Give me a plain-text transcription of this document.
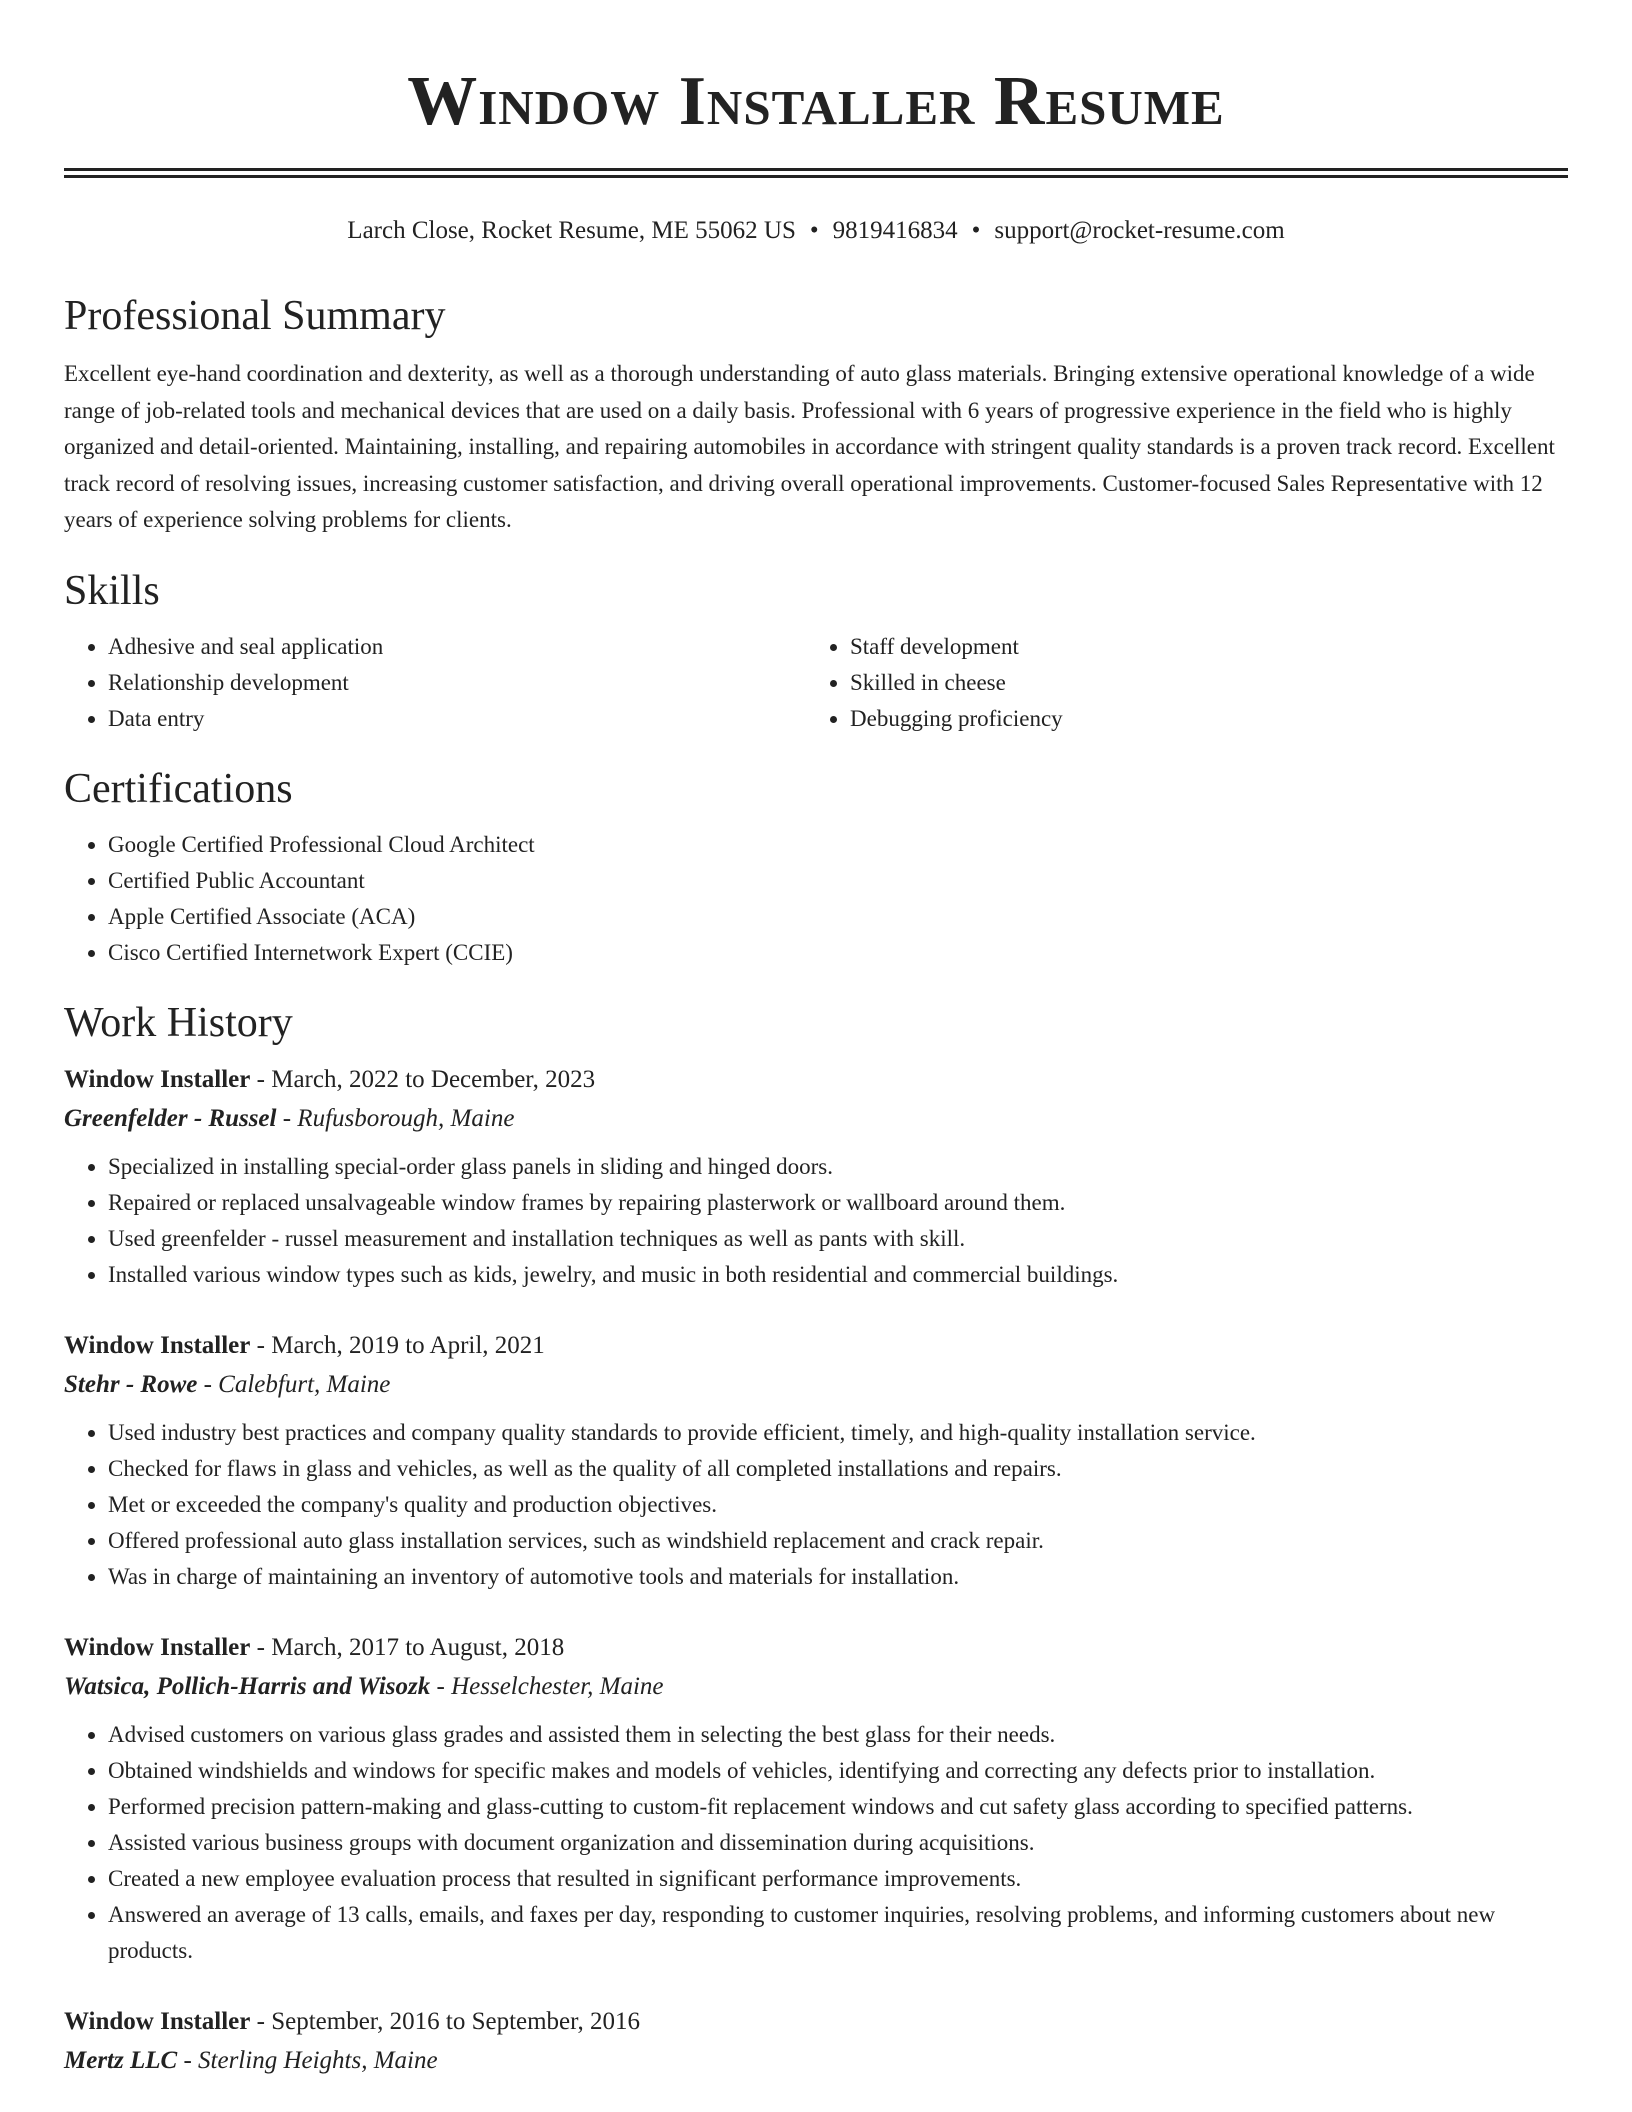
Window Installer Resume
Larch Close, Rocket Resume, ME 55062 US • 9819416834 • support@rocket-resume.com
Professional Summary

Excellent eye-hand coordination and dexterity, as well as a thorough understanding of auto glass materials. Bringing extensive operational knowledge of a wide range of job-related tools and mechanical devices that are used on a daily basis. Professional with 6 years of progressive experience in the field who is highly organized and detail-oriented. Maintaining, installing, and repairing automobiles in accordance with stringent quality standards is a proven track record. Excellent track record of resolving issues, increasing customer satisfaction, and driving overall operational improvements. Customer-focused Sales Representative with 12 years of experience solving problems for clients.

Skills
• Adhesive and seal application
• Relationship development
• Data entry
• Staff development
• Skilled in cheese
• Debugging proficiency
Certifications
• Google Certified Professional Cloud Architect
• Certified Public Accountant
• Apple Certified Associate (ACA)
• Cisco Certified Internetwork Expert (CCIE)
Work History
Window Installer - March, 2022 to December, 2023
Greenfelder - Russel - Rufusborough, Maine
• Specialized in installing special-order glass panels in sliding and hinged doors.
• Repaired or replaced unsalvageable window frames by repairing plasterwork or wallboard around them.
• Used greenfelder - russel measurement and installation techniques as well as pants with skill.
• Installed various window types such as kids, jewelry, and music in both residential and commercial buildings.
Window Installer - March, 2019 to April, 2021
Stehr - Rowe - Calebfurt, Maine
• Used industry best practices and company quality standards to provide efficient, timely, and high-quality installation service.
• Checked for flaws in glass and vehicles, as well as the quality of all completed installations and repairs.
• Met or exceeded the company's quality and production objectives.
• Offered professional auto glass installation services, such as windshield replacement and crack repair.
• Was in charge of maintaining an inventory of automotive tools and materials for installation.
Window Installer - March, 2017 to August, 2018
Watsica, Pollich-Harris and Wisozk - Hesselchester, Maine
• Advised customers on various glass grades and assisted them in selecting the best glass for their needs.
• Obtained windshields and windows for specific makes and models of vehicles, identifying and correcting any defects prior to installation.
• Performed precision pattern-making and glass-cutting to custom-fit replacement windows and cut safety glass according to specified patterns.
• Assisted various business groups with document organization and dissemination during acquisitions.
• Created a new employee evaluation process that resulted in significant performance improvements.
• Answered an average of 13 calls, emails, and faxes per day, responding to customer inquiries, resolving problems, and informing customers about new products.
Window Installer - September, 2016 to September, 2016
Mertz LLC - Sterling Heights, Maine
